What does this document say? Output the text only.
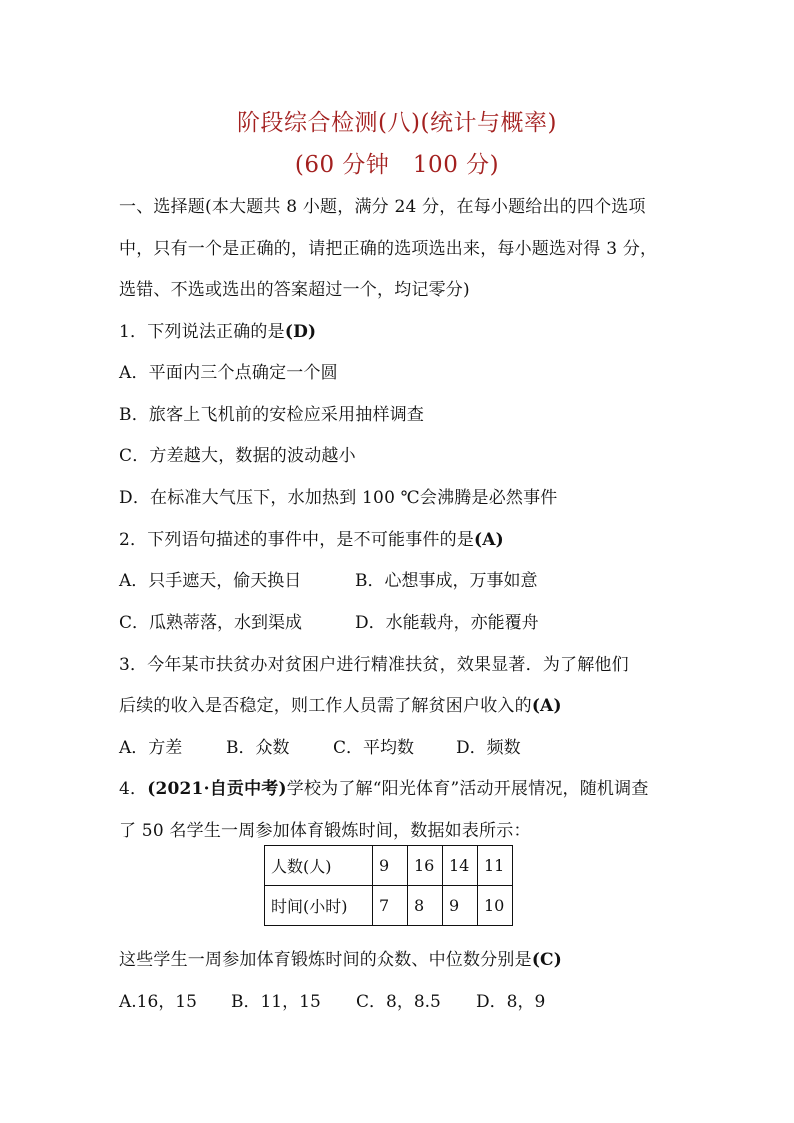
阶段综合检测(八)(统计与概率)
(60 分钟　100 分)
一、选择题(本大题共 8 小题，满分 24 分，在每小题给出的四个选项
中，只有一个是正确的，请把正确的选项选出来，每小题选对得 3 分，
选错、不选或选出的答案超过一个，均记零分)
1．下列说法正确的是(D)
A．平面内三个点确定一个圆
B．旅客上飞机前的安检应采用抽样调查
C．方差越大，数据的波动越小
D．在标准大气压下，水加热到 100 ℃会沸腾是必然事件
2．下列语句描述的事件中，是不可能事件的是(A)
A．只手遮天，偷天换日	B．心想事成，万事如意
C．瓜熟蒂落，水到渠成	D．水能载舟，亦能覆舟
3．今年某市扶贫办对贫困户进行精准扶贫，效果显著．为了解他们
后续的收入是否稳定，则工作人员需了解贫困户收入的(A)
A．方差	B．众数	C．平均数 D．频数
4．(2021·自贡中考)学校为了解“阳光体育”活动开展情况，随机调查
了 50 名学生一周参加体育锻炼时间，数据如表所示：
人数(人)	9	16	14	11
时间(小时)	7	8	9	10
这些学生一周参加体育锻炼时间的众数、中位数分别是(C)
A.16，15 B．11，15 C．8，8.5 D．8，9
